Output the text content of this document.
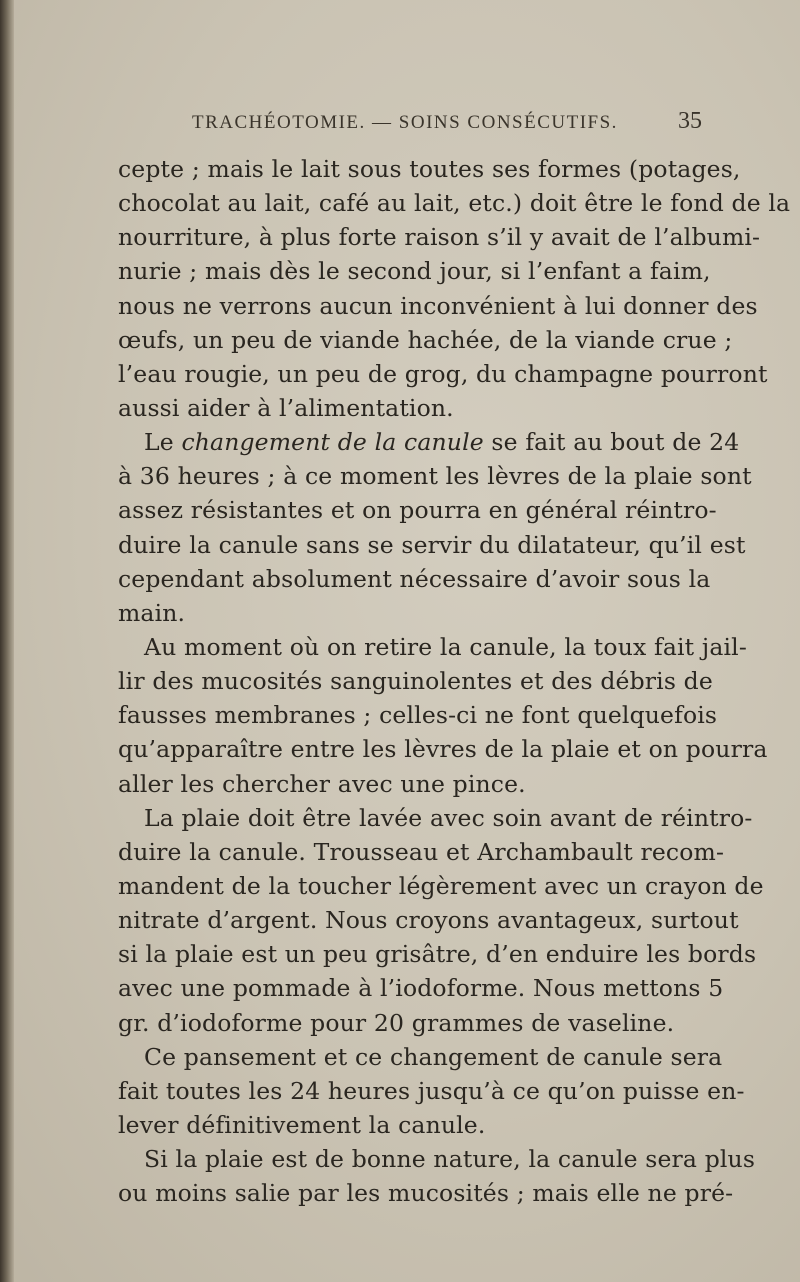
TRACHÉOTOMIE. — SOINS CONSÉCUTIFS.	35
cepte ; mais le lait sous toutes ses formes (potages,
chocolat au lait, café au lait, etc.) doit être le fond de la
nourriture, à plus forte raison s’il y avait de l’albumi-
nurie ; mais dès le second jour, si l’enfant a faim,
nous ne verrons aucun inconvénient à lui donner des
œufs, un peu de viande hachée, de la viande crue ;
l’eau rougie, un peu de grog, du champagne pourront
aussi aider à l’alimentation.
Le changement de la canule se fait au bout de 24
à 36 heures ; à ce moment les lèvres de la plaie sont
assez résistantes et on pourra en général réintro-
duire la canule sans se servir du dilatateur, qu’il est
cependant absolument nécessaire d’avoir sous la
main.
Au moment où on retire la canule, la toux fait jail-
lir des mucosités sanguinolentes et des débris de
fausses membranes ; celles-ci ne font quelquefois
qu’apparaître entre les lèvres de la plaie et on pourra
aller les chercher avec une pince.
La plaie doit être lavée avec soin avant de réintro-
duire la canule. Trousseau et Archambault recom-
mandent de la toucher légèrement avec un crayon de
nitrate d’argent. Nous croyons avantageux, surtout
si la plaie est un peu grisâtre, d’en enduire les bords
avec une pommade à l’iodoforme. Nous mettons 5
gr. d’iodoforme pour 20 grammes de vaseline.
Ce pansement et ce changement de canule sera
fait toutes les 24 heures jusqu’à ce qu’on puisse en-
lever définitivement la canule.
Si la plaie est de bonne nature, la canule sera plus
ou moins salie par les mucosités ; mais elle ne pré-
